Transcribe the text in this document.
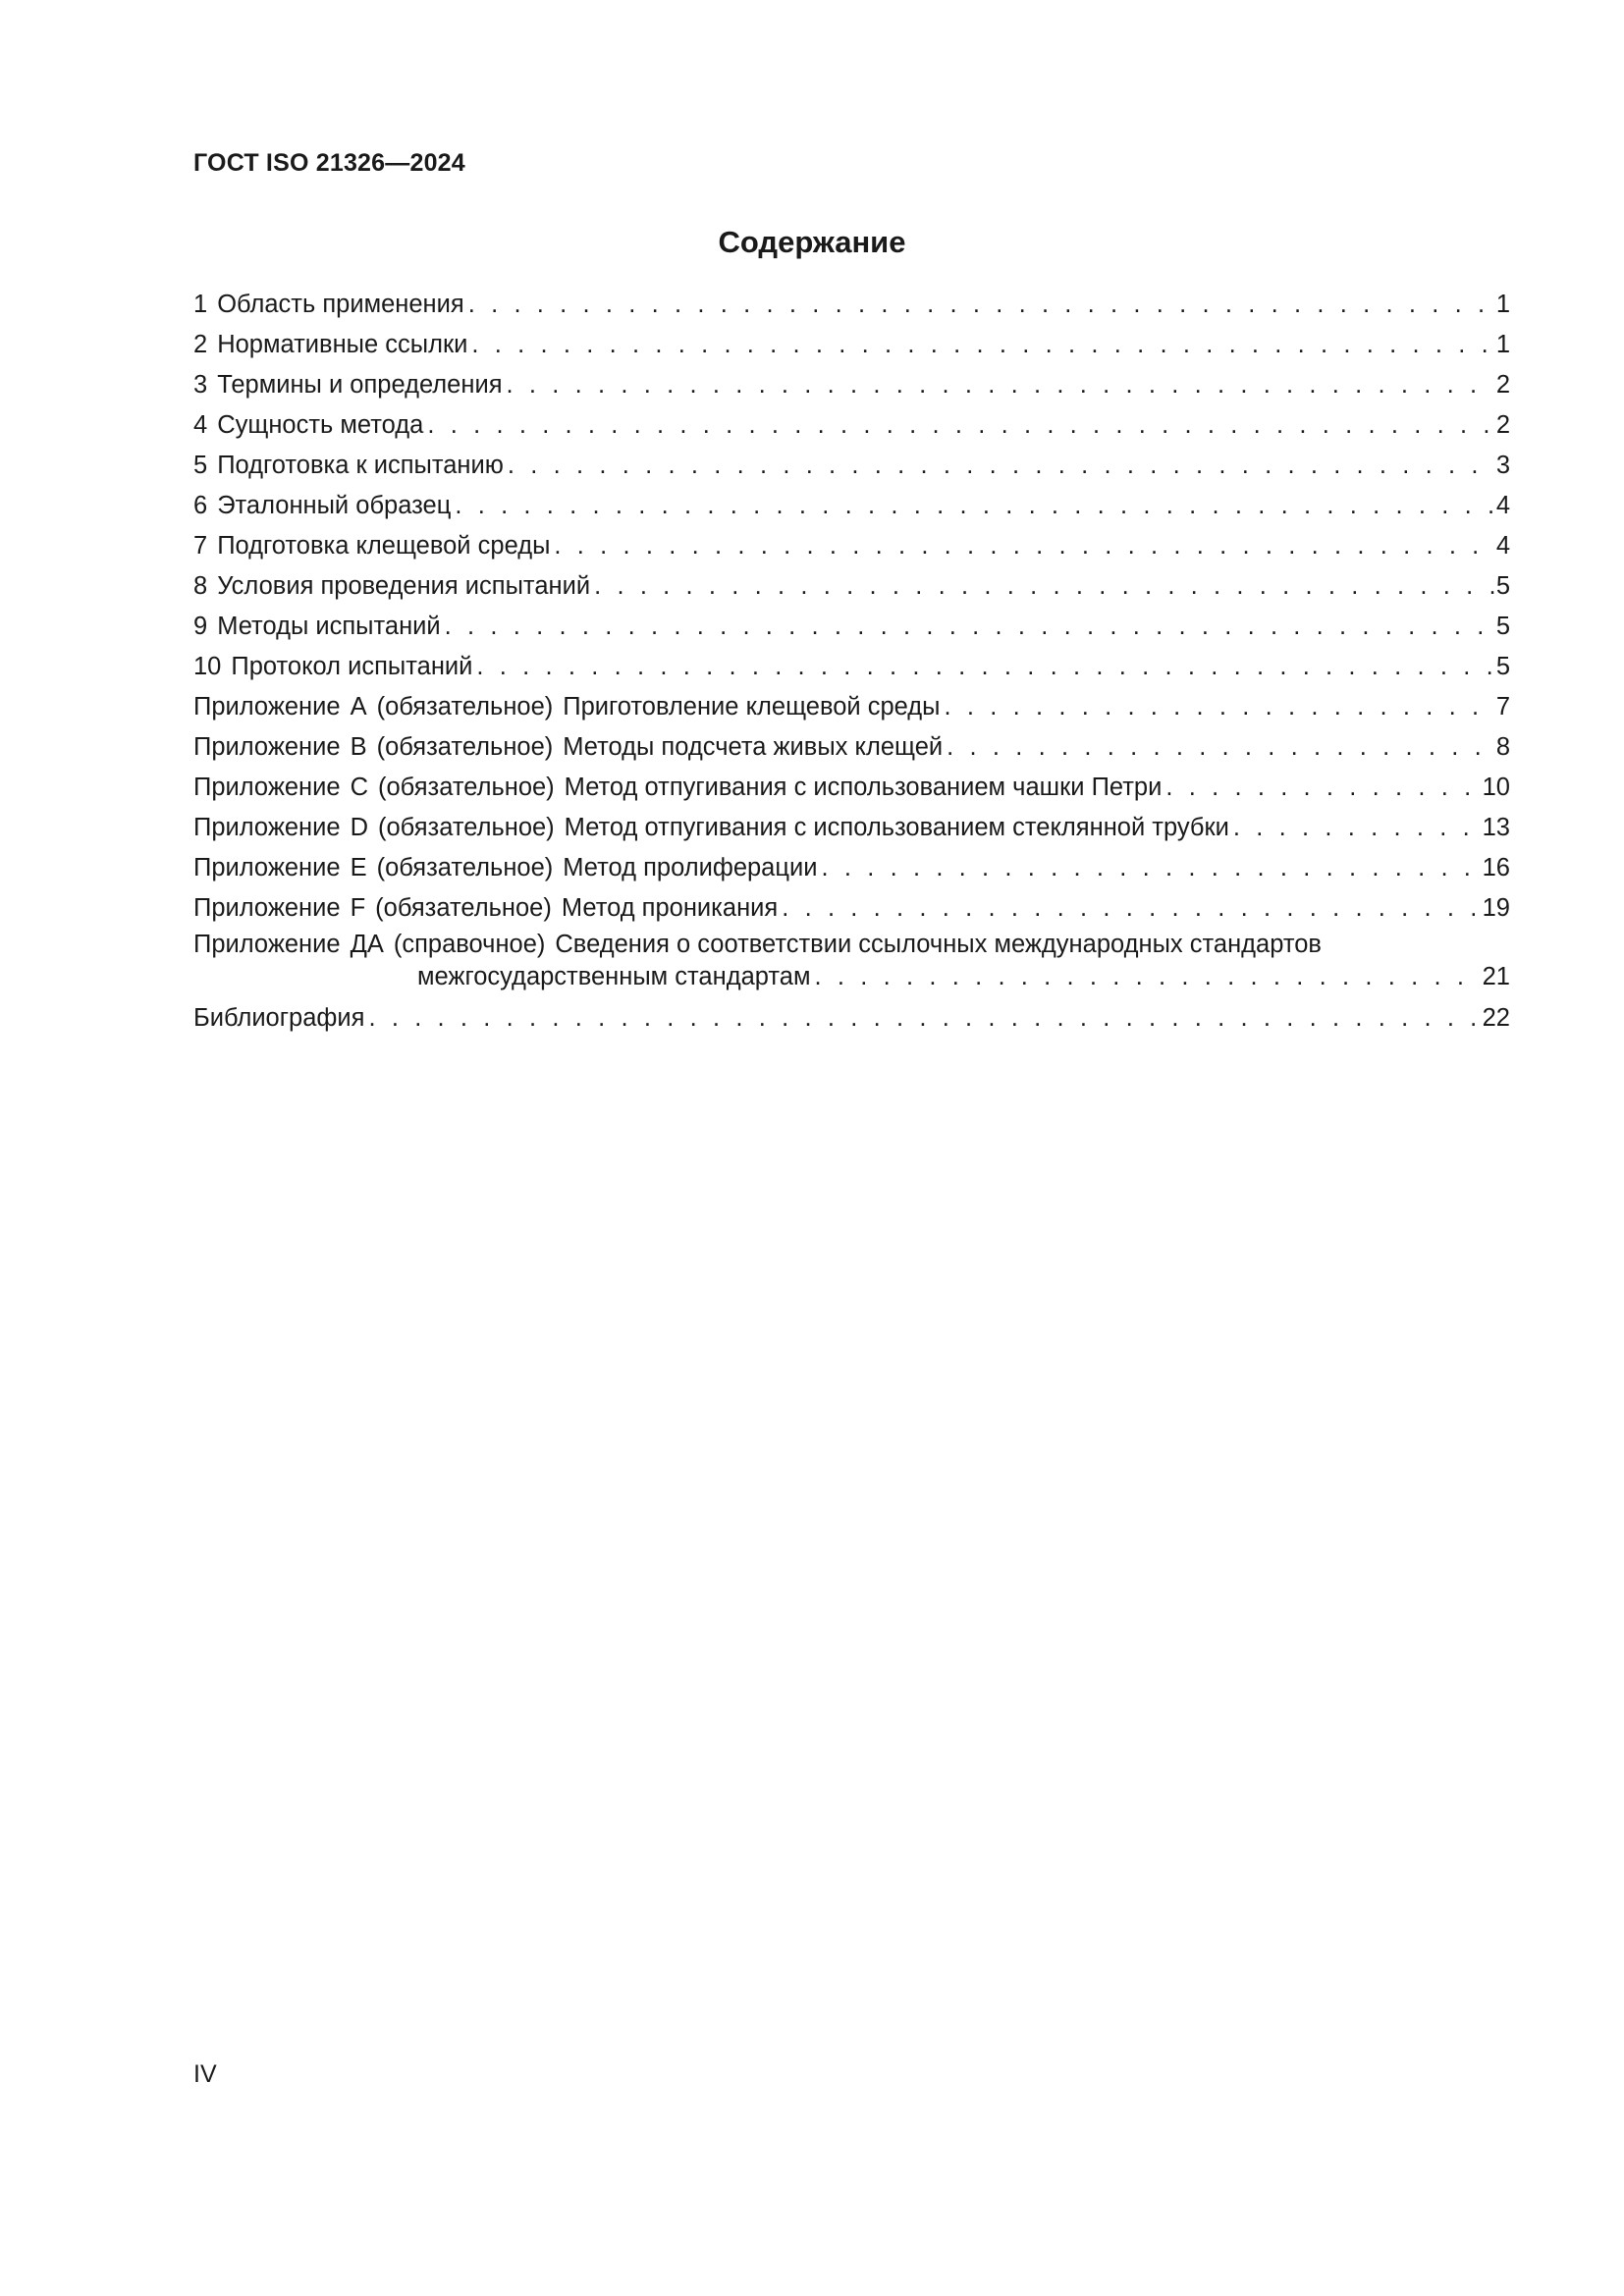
ГОСТ ISO 21326—2024
Содержание
1 Область применения . . .	1
2 Нормативные ссылки . . .	1
3 Термины и определения . . .	2
4 Сущность метода . . .	2
5 Подготовка к испытанию . . .	3
6 Эталонный образец . . .	4
7 Подготовка клещевой среды . . .	4
8 Условия проведения испытаний . . .	5
9 Методы испытаний . . .	5
10 Протокол испытаний . . .	5
Приложение A (обязательное) Приготовление клещевой среды . . .	7
Приложение B (обязательное) Методы подсчета живых клещей . . .	8
Приложение C (обязательное) Метод отпугивания с использованием чашки Петри . . .	10
Приложение D (обязательное) Метод отпугивания с использованием стеклянной трубки . . .	13
Приложение E (обязательное) Метод пролиферации . . .	16
Приложение F (обязательное) Метод проникания . . .	19
Приложение ДА (справочное) Сведения о соответствии ссылочных международных стандартов
межгосударственным стандартам . . .	21
Библиография . . .	22
IV
